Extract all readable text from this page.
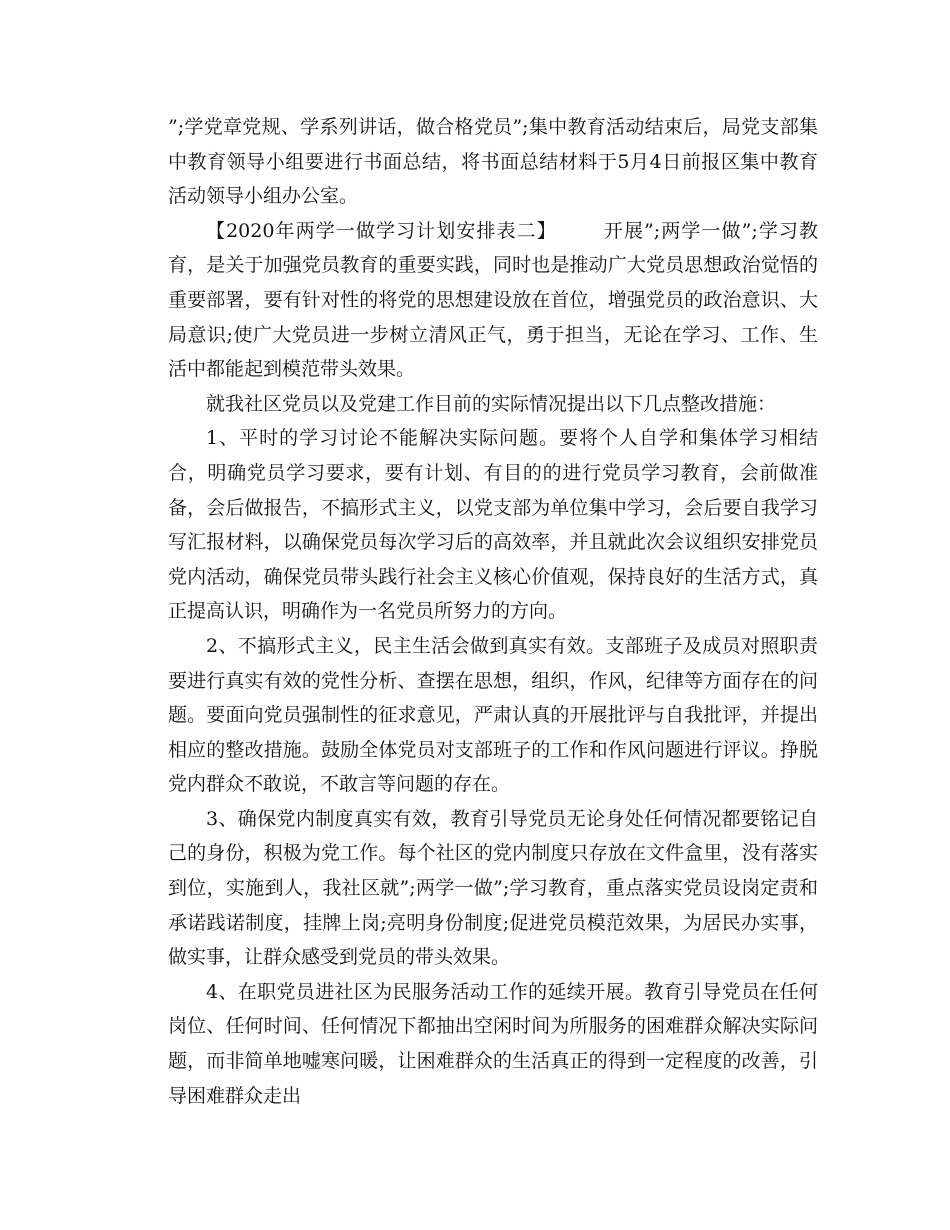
”;学党章党规、学系列讲话，做合格党员”;集中教育活动结束后，局党支部集中教育领导小组要进行书面总结，将书面总结材料于5月4日前报区集中教育活动领导小组办公室。

【2020年两学一做学习计划安排表二】 开展”;两学一做”;学习教育，是关于加强党员教育的重要实践，同时也是推动广大党员思想政治觉悟的重要部署，要有针对性的将党的思想建设放在首位，增强党员的政治意识、大局意识;使广大党员进一步树立清风正气，勇于担当，无论在学习、工作、生活中都能起到模范带头效果。

就我社区党员以及党建工作目前的实际情况提出以下几点整改措施：

1、平时的学习讨论不能解决实际问题。要将个人自学和集体学习相结合，明确党员学习要求，要有计划、有目的的进行党员学习教育，会前做准备，会后做报告，不搞形式主义，以党支部为单位集中学习，会后要自我学习写汇报材料，以确保党员每次学习后的高效率，并且就此次会议组织安排党员党内活动，确保党员带头践行社会主义核心价值观，保持良好的生活方式，真正提高认识，明确作为一名党员所努力的方向。

2、不搞形式主义，民主生活会做到真实有效。支部班子及成员对照职责要进行真实有效的党性分析、查摆在思想，组织，作风，纪律等方面存在的问题。要面向党员强制性的征求意见，严肃认真的开展批评与自我批评，并提出相应的整改措施。鼓励全体党员对支部班子的工作和作风问题进行评议。挣脱党内群众不敢说，不敢言等问题的存在。

3、确保党内制度真实有效，教育引导党员无论身处任何情况都要铭记自己的身份，积极为党工作。每个社区的党内制度只存放在文件盒里，没有落实到位，实施到人，我社区就”;两学一做”;学习教育，重点落实党员设岗定责和承诺践诺制度，挂牌上岗;亮明身份制度;促进党员模范效果，为居民办实事，做实事，让群众感受到党员的带头效果。

4、在职党员进社区为民服务活动工作的延续开展。教育引导党员在任何岗位、任何时间、任何情况下都抽出空闲时间为所服务的困难群众解决实际问题，而非简单地嘘寒问暖，让困难群众的生活真正的得到一定程度的改善，引导困难群众走出
